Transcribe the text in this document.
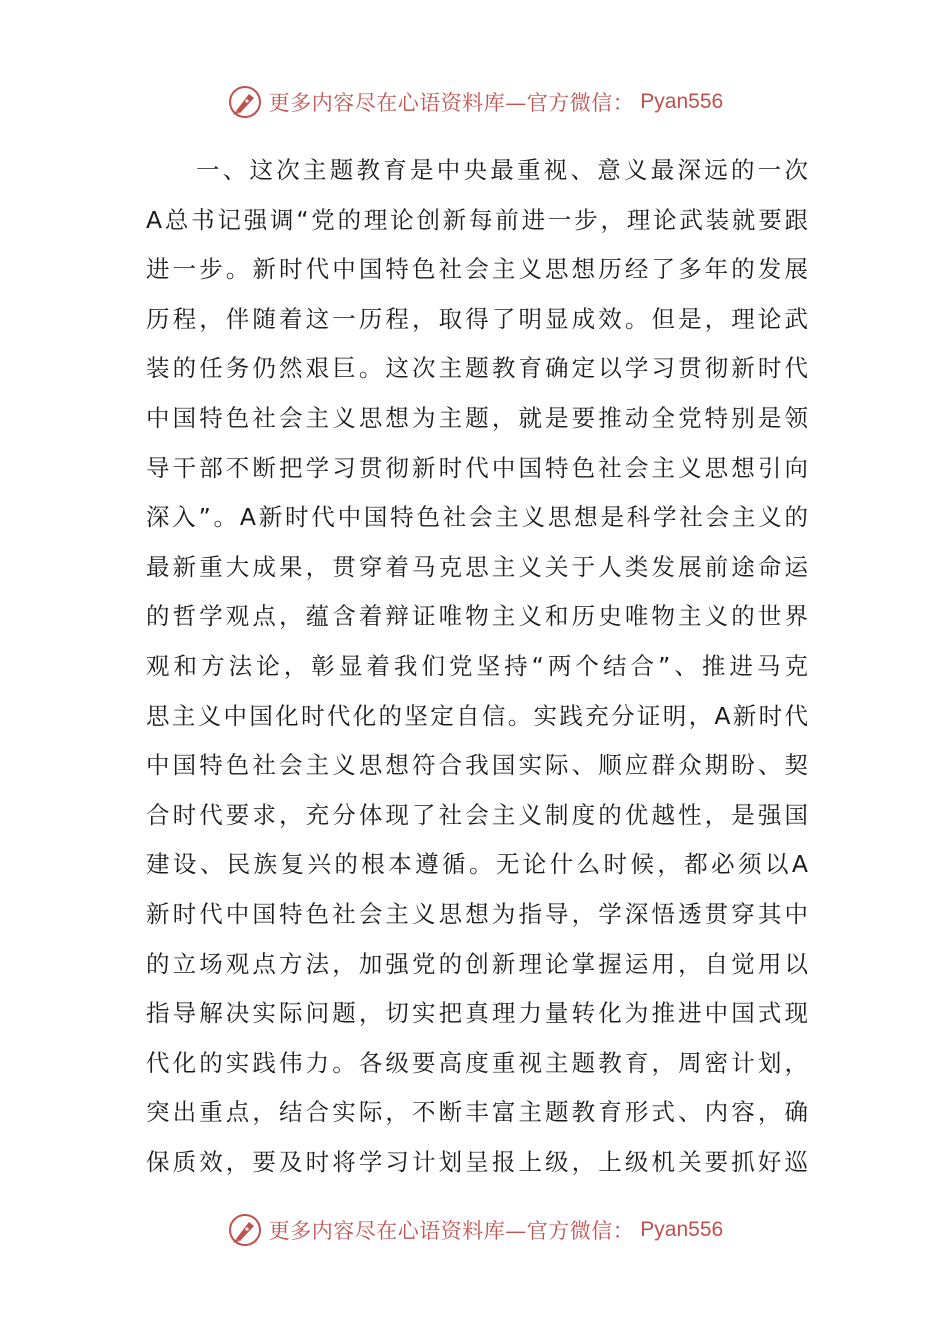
更多内容尽在心语资料库—官方微信： Pyan556
一、这次主题教育是中央最重视、意义最深远的一次
A总书记强调“党的理论创新每前进一步，理论武装就要跟
进一步。新时代中国特色社会主义思想历经了多年的发展
历程，伴随着这一历程，取得了明显成效。但是，理论武
装的任务仍然艰巨。这次主题教育确定以学习贯彻新时代
中国特色社会主义思想为主题，就是要推动全党特别是领
导干部不断把学习贯彻新时代中国特色社会主义思想引向
深入”。A新时代中国特色社会主义思想是科学社会主义的
最新重大成果，贯穿着马克思主义关于人类发展前途命运
的哲学观点，蕴含着辩证唯物主义和历史唯物主义的世界
观和方法论，彰显着我们党坚持“两个结合”、推进马克
思主义中国化时代化的坚定自信。实践充分证明，A新时代
中国特色社会主义思想符合我国实际、顺应群众期盼、契
合时代要求，充分体现了社会主义制度的优越性，是强国
建设、民族复兴的根本遵循。无论什么时候，都必须以A
新时代中国特色社会主义思想为指导，学深悟透贯穿其中
的立场观点方法，加强党的创新理论掌握运用，自觉用以
指导解决实际问题，切实把真理力量转化为推进中国式现
代化的实践伟力。各级要高度重视主题教育，周密计划，
突出重点，结合实际，不断丰富主题教育形式、内容，确
保质效，要及时将学习计划呈报上级，上级机关要抓好巡
更多内容尽在心语资料库—官方微信： Pyan556
